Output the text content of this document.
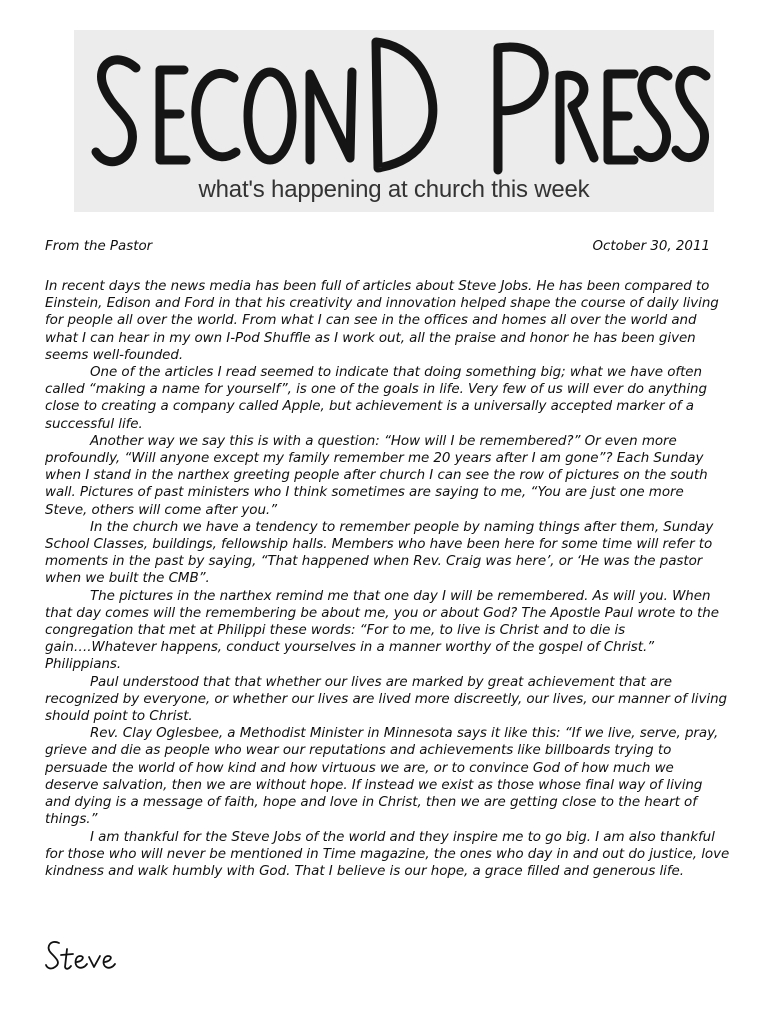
what's happening at church this week
From the Pastor	October 30, 2011

In recent days the news media has been full of articles about Steve Jobs. He has been compared to Einstein, Edison and Ford in that his creativity and innovation helped shape the course of daily living for people all over the world. From what I can see in the offices and homes all over the world and what I can hear in my own I-Pod Shuffle as I work out, all the praise and honor he has been given seems well-founded.

One of the articles I read seemed to indicate that doing something big; what we have often called “making a name for yourself”, is one of the goals in life. Very few of us will ever do anything close to creating a company called Apple, but achievement is a universally accepted marker of a successful life.

Another way we say this is with a question: “How will I be remembered?” Or even more profoundly, “Will anyone except my family remember me 20 years after I am gone”? Each Sunday when I stand in the narthex greeting people after church I can see the row of pictures on the south wall. Pictures of past ministers who I think sometimes are saying to me, “You are just one more Steve, others will come after you.”

In the church we have a tendency to remember people by naming things after them, Sunday School Classes, buildings, fellowship halls. Members who have been here for some time will refer to moments in the past by saying, “That happened when Rev. Craig was here’, or ‘He was the pastor when we built the CMB”.

The pictures in the narthex remind me that one day I will be remembered. As will you. When that day comes will the remembering be about me, you or about God? The Apostle Paul wrote to the congregation that met at Philippi these words: “For to me, to live is Christ and to die is gain….Whatever happens, conduct yourselves in a manner worthy of the gospel of Christ.” Philippians.

Paul understood that that whether our lives are marked by great achievement that are recognized by everyone, or whether our lives are lived more discreetly, our lives, our manner of living should point to Christ.

Rev. Clay Oglesbee, a Methodist Minister in Minnesota says it like this: “If we live, serve, pray, grieve and die as people who wear our reputations and achievements like billboards trying to persuade the world of how kind and how virtuous we are, or to convince God of how much we deserve salvation, then we are without hope. If instead we exist as those whose final way of living and dying is a message of faith, hope and love in Christ, then we are getting close to the heart of things.”

I am thankful for the Steve Jobs of the world and they inspire me to go big. I am also thankful for those who will never be mentioned in Time magazine, the ones who day in and out do justice, love kindness and walk humbly with God. That I believe is our hope, a grace filled and generous life.
